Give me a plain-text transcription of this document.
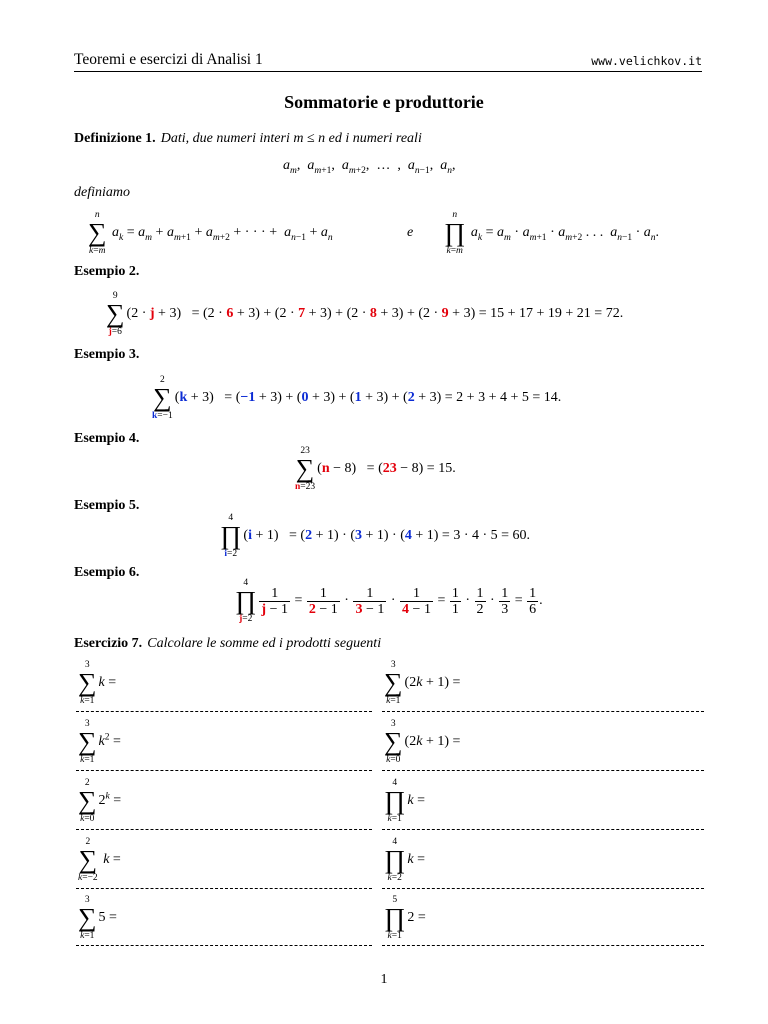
Teoremi e esercizi di Analisi 1	www.velichkov.it
Sommatorie e produttorie
Definizione 1. Dati, due numeri interi m ≤ n ed i numeri reali
$a_m$,  $a_{m+1}$,  $a_{m+2}$,  …  ,  $a_{n-1}$,  $a_n$,
definiamo
n
∑
k=m
$a_k = a_m + a_{m+1} + a_{m+2}$ + · · · +  $a_{n-1} + a_n$	e
n
∏
k=m
$a_k = a_m \cdot a_{m+1} \cdot a_{m+2}$ . . .  $a_{n-1} \cdot a_n$.
Esempio 2.
9
∑
j=6
(2 · j + 3)   = (2 · 6 + 3) + (2 · 7 + 3) + (2 · 8 + 3) + (2 · 9 + 3) = 15 + 17 + 19 + 21 = 72.
Esempio 3.
2
∑
k=−1
(k + 3)   = (−1 + 3) + (0 + 3) + (1 + 3) + (2 + 3) = 2 + 3 + 4 + 5 = 14.
Esempio 4.
23
∑
n=23
(n − 8)   = (23 − 8) = 15.
Esempio 5.
4
∏
i=2
(i + 1)   = (2 + 1) · (3 + 1) · (4 + 1) = 3 · 4 · 5 = 60.
Esempio 6.
4
∏
j=2
$\frac{1}{j - 1} = \frac{1}{2 - 1} \cdot \frac{1}{3 - 1} \cdot \frac{1}{4 - 1} = \frac{1}{1} \cdot \frac{1}{2} \cdot \frac{1}{3} = \frac{1}{6}$ .
Esercizio 7. Calcolare le somme ed i prodotti seguenti
3
∑
k=1
k =
3
∑
k=1
$k^2$ =
2
∑
k=0
$2^k$ =
2
∑
k=−2
k =
3
∑
k=1
5 =
3
∑
k=1
(2k + 1) =
3
∑
k=0
(2k + 1) =
4
∏
k=1
k =
4
∏
k=2
k =
5
∏
k=1
2 =
1
